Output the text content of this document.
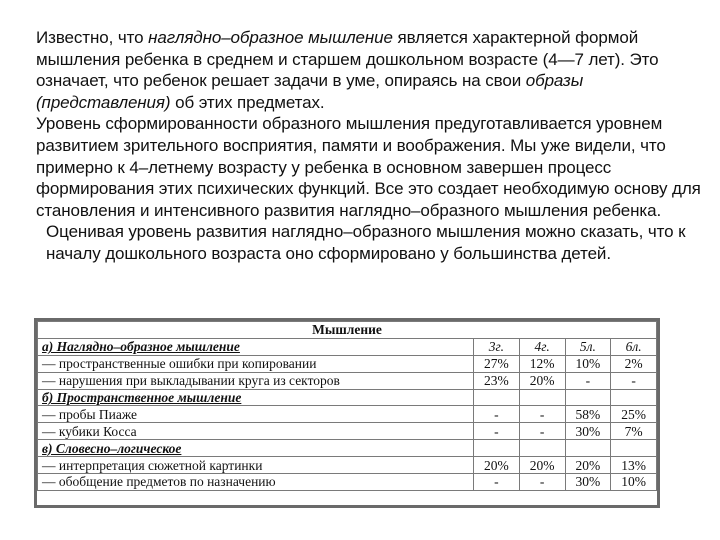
Известно, что наглядно–образное мышление является характерной формой мышления ребенка в среднем и старшем дошкольном возрасте (4—7 лет). Это означает, что ребенок решает задачи в уме, опираясь на свои образы (представления) об этих предметах.

Уровень сформированности образного мышления предуготавливается уровнем развитием зрительного восприятия, памяти и воображения. Мы уже видели, что примерно к 4–летнему возрасту у ребенка в основном завершен процесс формирования этих психических функций. Все это создает необходимую основу для становления и интенсивного развития наглядно–образного мышления ребенка.

Оценивая уровень развития наглядно–образного мышления можно сказать, что к началу дошкольного возраста оно сформировано у большинства детей.

Мышление				
а) Наглядно–образное мышление	3г.	4г.	5л.	6л.
— пространственные ошибки при копировании	27%	12%	10%	2%
— нарушения при выкладывании круга из секторов	23%	20%	-	-
б) Пространственное мышление				
— пробы Пиаже	-	-	58%	25%
— кубики Косса	-	-	30%	7%
в) Словесно–логическое				
— интерпретация сюжетной картинки	20%	20%	20%	13%
— обобщение предметов по назначению	-	-	30%	10%
